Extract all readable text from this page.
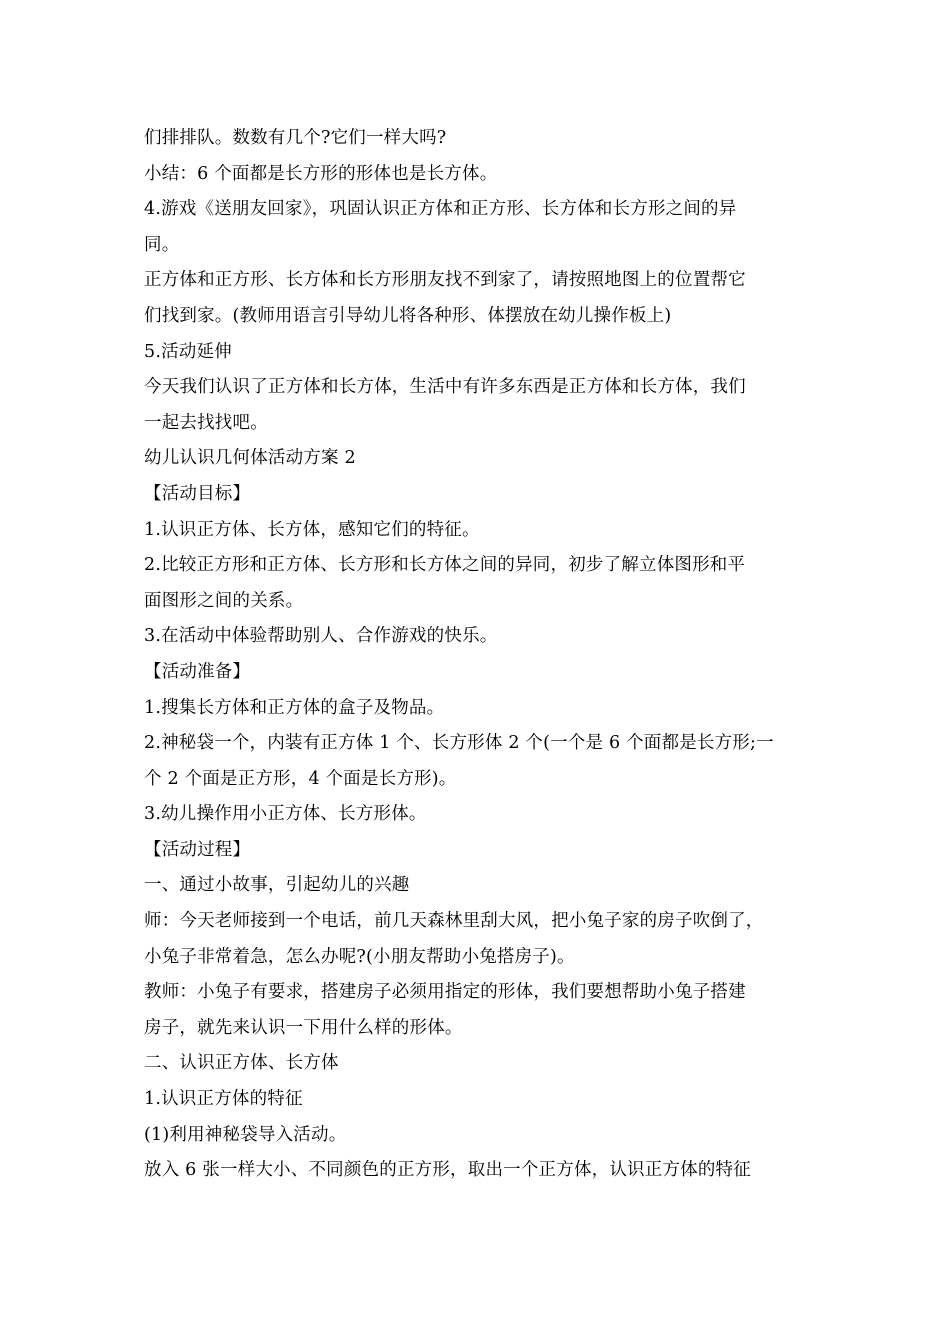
们排排队。数数有几个?它们一样大吗?
小结：6 个面都是长方形的形体也是长方体。
4.游戏《送朋友回家》，巩固认识正方体和正方形、长方体和长方形之间的异
同。
正方体和正方形、长方体和长方形朋友找不到家了，请按照地图上的位置帮它
们找到家。(教师用语言引导幼儿将各种形、体摆放在幼儿操作板上)
5.活动延伸
今天我们认识了正方体和长方体，生活中有许多东西是正方体和长方体，我们
一起去找找吧。
幼儿认识几何体活动方案 2
【活动目标】
1.认识正方体、长方体，感知它们的特征。
2.比较正方形和正方体、长方形和长方体之间的异同，初步了解立体图形和平
面图形之间的关系。
3.在活动中体验帮助别人、合作游戏的快乐。
【活动准备】
1.搜集长方体和正方体的盒子及物品。
2.神秘袋一个，内装有正方体 1 个、长方形体 2 个(一个是 6 个面都是长方形;一
个 2 个面是正方形，4 个面是长方形)。
3.幼儿操作用小正方体、长方形体。
【活动过程】
一、通过小故事，引起幼儿的兴趣
师：今天老师接到一个电话，前几天森林里刮大风，把小兔子家的房子吹倒了，
小兔子非常着急，怎么办呢?(小朋友帮助小兔搭房子)。
教师：小兔子有要求，搭建房子必须用指定的形体，我们要想帮助小兔子搭建
房子，就先来认识一下用什么样的形体。
二、认识正方体、长方体
1.认识正方体的特征
(1)利用神秘袋导入活动。
放入 6 张一样大小、不同颜色的正方形，取出一个正方体，认识正方体的特征
